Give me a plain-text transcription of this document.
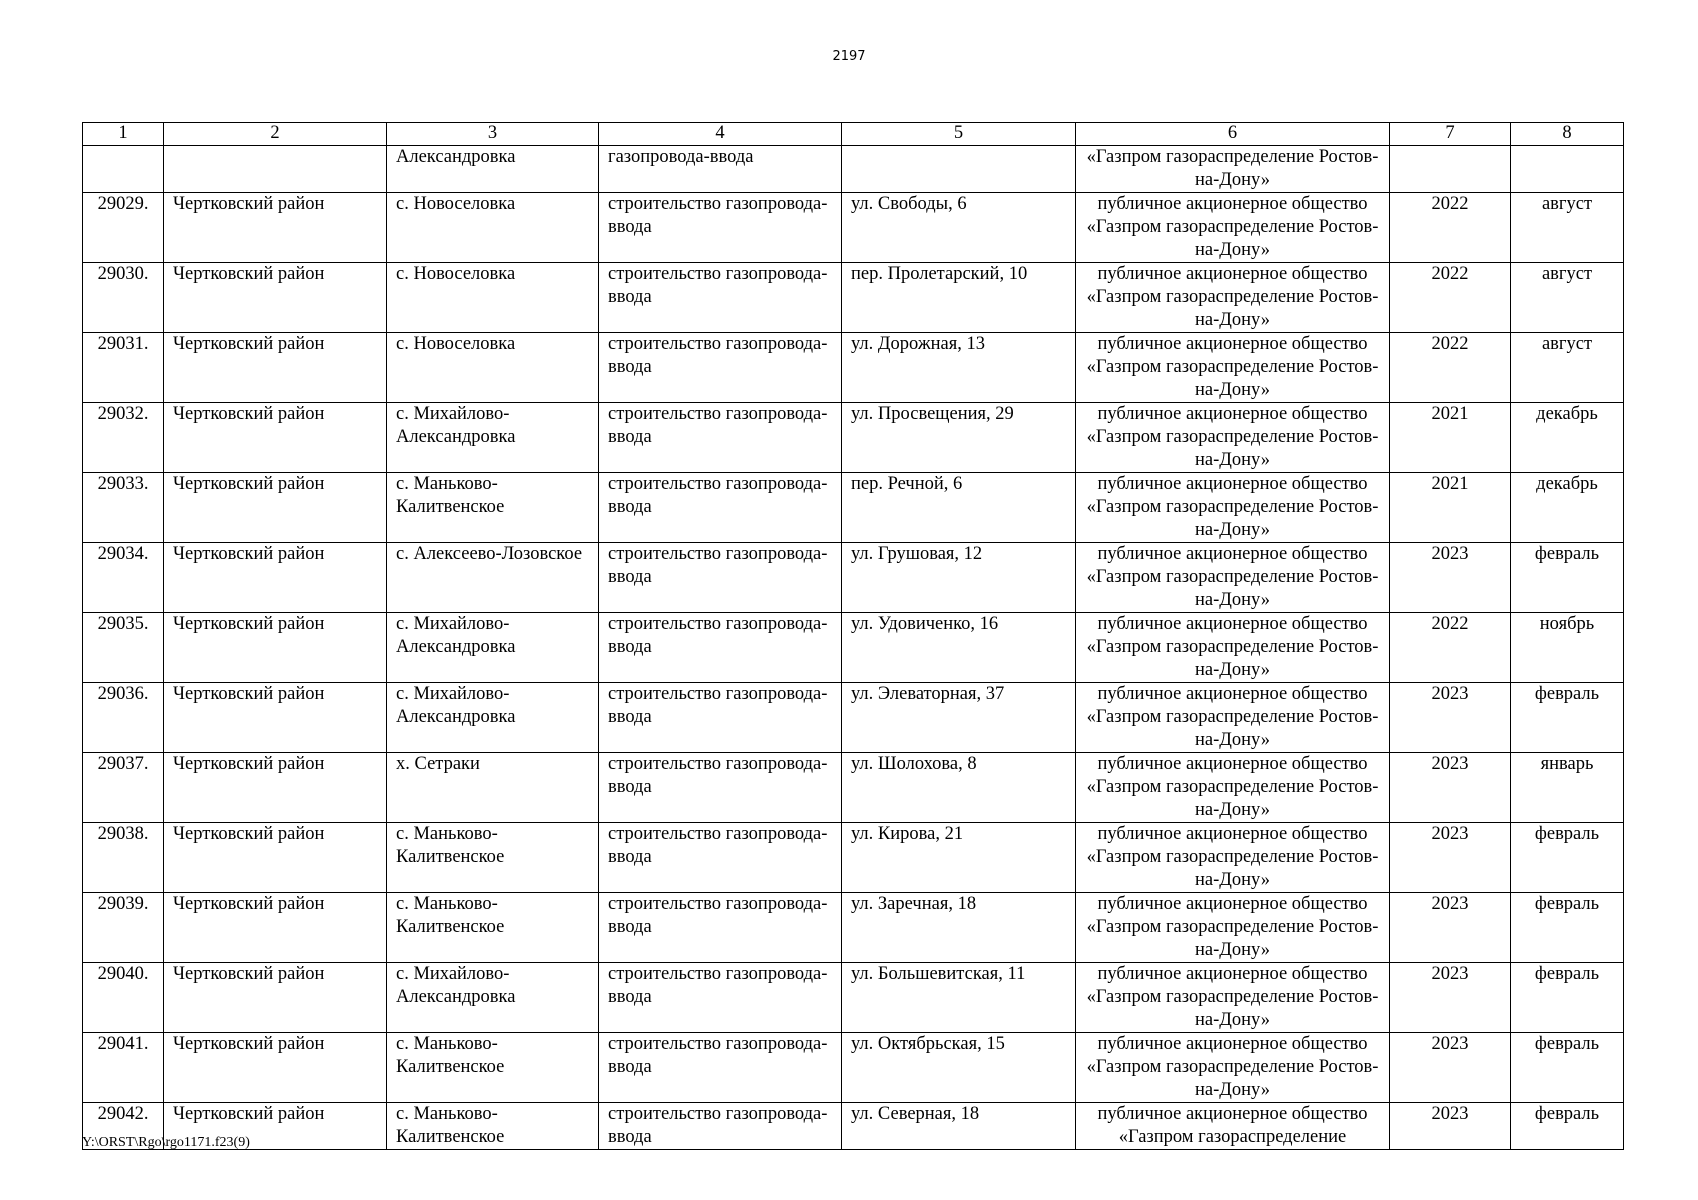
2197
1	2	3	4	5	6	7	8
		Александровка	газопровода-ввода		«Газпром газораспределение Ростов-на-Дону»		
29029.	Чертковский район	с. Новоселовка	строительство газопровода-ввода	ул. Свободы, 6	публичное акционерное общество «Газпром газораспределение Ростов-на-Дону»	2022	август
29030.	Чертковский район	с. Новоселовка	строительство газопровода-ввода	пер. Пролетарский, 10	публичное акционерное общество «Газпром газораспределение Ростов-на-Дону»	2022	август
29031.	Чертковский район	с. Новоселовка	строительство газопровода-ввода	ул. Дорожная, 13	публичное акционерное общество «Газпром газораспределение Ростов-на-Дону»	2022	август
29032.	Чертковский район	с. Михайлово-Александровка	строительство газопровода-ввода	ул. Просвещения, 29	публичное акционерное общество «Газпром газораспределение Ростов-на-Дону»	2021	декабрь
29033.	Чертковский район	с. Маньково-Калитвенское	строительство газопровода-ввода	пер. Речной, 6	публичное акционерное общество «Газпром газораспределение Ростов-на-Дону»	2021	декабрь
29034.	Чертковский район	с. Алексеево-Лозовское	строительство газопровода-ввода	ул. Грушовая, 12	публичное акционерное общество «Газпром газораспределение Ростов-на-Дону»	2023	февраль
29035.	Чертковский район	с. Михайлово-Александровка	строительство газопровода-ввода	ул. Удовиченко, 16	публичное акционерное общество «Газпром газораспределение Ростов-на-Дону»	2022	ноябрь
29036.	Чертковский район	с. Михайлово-Александровка	строительство газопровода-ввода	ул. Элеваторная, 37	публичное акционерное общество «Газпром газораспределение Ростов-на-Дону»	2023	февраль
29037.	Чертковский район	х. Сетраки	строительство газопровода-ввода	ул. Шолохова, 8	публичное акционерное общество «Газпром газораспределение Ростов-на-Дону»	2023	январь
29038.	Чертковский район	с. Маньково-Калитвенское	строительство газопровода-ввода	ул. Кирова, 21	публичное акционерное общество «Газпром газораспределение Ростов-на-Дону»	2023	февраль
29039.	Чертковский район	с. Маньково-Калитвенское	строительство газопровода-ввода	ул. Заречная, 18	публичное акционерное общество «Газпром газораспределение Ростов-на-Дону»	2023	февраль
29040.	Чертковский район	с. Михайлово-Александровка	строительство газопровода-ввода	ул. Большевитская, 11	публичное акционерное общество «Газпром газораспределение Ростов-на-Дону»	2023	февраль
29041.	Чертковский район	с. Маньково-Калитвенское	строительство газопровода-ввода	ул. Октябрьская, 15	публичное акционерное общество «Газпром газораспределение Ростов-на-Дону»	2023	февраль
29042.	Чертковский район	с. Маньково-Калитвенское	строительство газопровода-ввода	ул. Северная, 18	публичное акционерное общество «Газпром газораспределение	2023	февраль
Y:\ORST\Rgo\rgo1171.f23(9)
